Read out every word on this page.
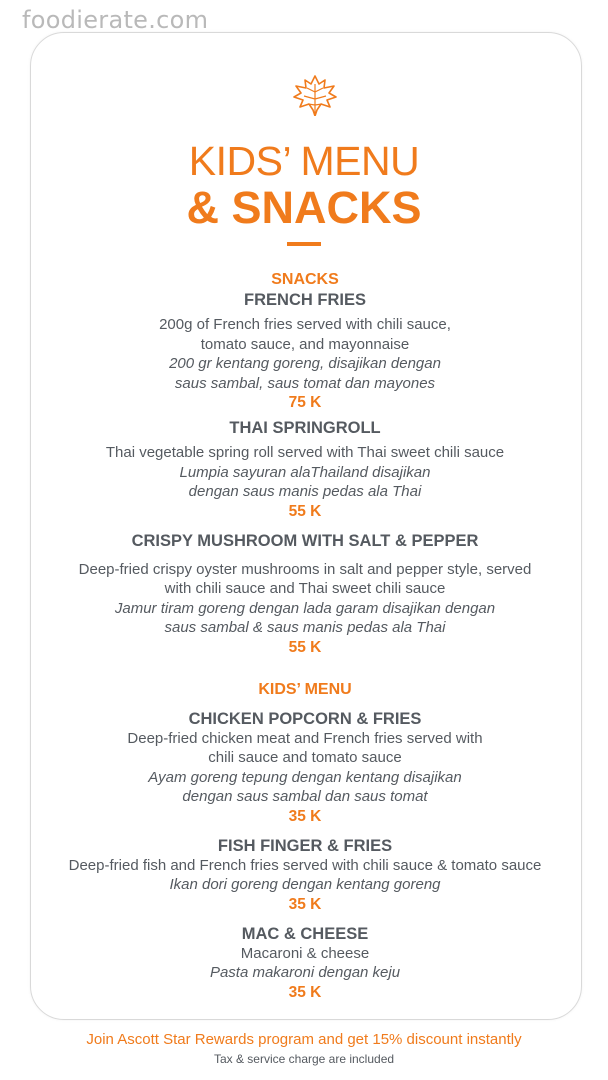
foodierate.com
KIDS’ MENU
& SNACKS
SNACKS
FRENCH FRIES
200g of French fries served with chili sauce,
tomato sauce, and mayonnaise
200 gr kentang goreng, disajikan dengan
saus sambal, saus tomat dan mayones
75 K
THAI SPRINGROLL
Thai vegetable spring roll served with Thai sweet chili sauce
Lumpia sayuran alaThailand disajikan
dengan saus manis pedas ala Thai
55 K
CRISPY MUSHROOM WITH SALT & PEPPER
Deep-fried crispy oyster mushrooms in salt and pepper style, served
with chili sauce and Thai sweet chili sauce
Jamur tiram goreng dengan lada garam disajikan dengan
saus sambal & saus manis pedas ala Thai
55 K
KIDS’ MENU
CHICKEN POPCORN & FRIES
Deep-fried chicken meat and French fries served with
chili sauce and tomato sauce
Ayam goreng tepung dengan kentang disajikan
dengan saus sambal dan saus tomat
35 K
FISH FINGER & FRIES
Deep-fried fish and French fries served with chili sauce & tomato sauce
Ikan dori goreng dengan kentang goreng
35 K
MAC & CHEESE
Macaroni & cheese
Pasta makaroni dengan keju
35 K
Join Ascott Star Rewards program and get 15% discount instantly
Tax & service charge are included
